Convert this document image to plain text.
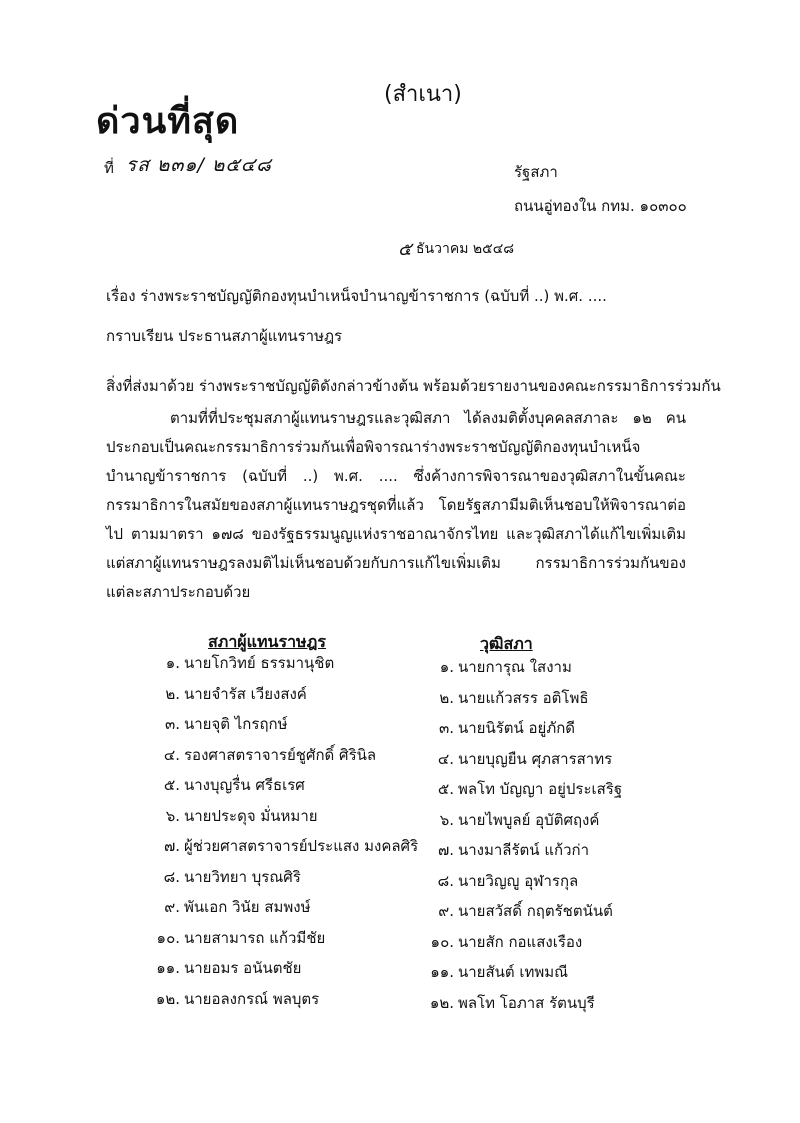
ด่วนที่สุด
(สำเนา)
ที่ รส ๒๓๑/ ๒๕๔๘	รัฐสภา
ถนนอู่ทองใน กทม. ๑๐๓๐๐
๕ ธันวาคม ๒๕๔๘
เรื่อง ร่างพระราชบัญญัติกองทุนบำเหน็จบำนาญข้าราชการ (ฉบับที่ ..) พ.ศ. ....
กราบเรียน ประธานสภาผู้แทนราษฎร
สิ่งที่ส่งมาด้วย ร่างพระราชบัญญัติดังกล่าวข้างต้น พร้อมด้วยรายงานของคณะกรรมาธิการร่วมกัน

ตามที่ที่ประชุมสภาผู้แทนราษฎรและวุฒิสภา ได้ลงมติตั้งบุคคลสภาละ ๑๒ คน ประกอบเป็นคณะกรรมาธิการร่วมกันเพื่อพิจารณาร่างพระราชบัญญัติกองทุนบำเหน็จบำนาญข้าราชการ (ฉบับที่ ..) พ.ศ. .... ซึ่งค้างการพิจารณาของวุฒิสภาในขั้นคณะกรรมาธิการในสมัยของสภาผู้แทนราษฎรชุดที่แล้ว โดยรัฐสภามีมติเห็นชอบให้พิจารณาต่อไป ตามมาตรา ๑๗๘ ของรัฐธรรมนูญแห่งราชอาณาจักรไทย และวุฒิสภาได้แก้ไขเพิ่มเติม แต่สภาผู้แทนราษฎรลงมติไม่เห็นชอบด้วยกับการแก้ไขเพิ่มเติม กรรมาธิการร่วมกันของแต่ละสภาประกอบด้วย

สภาผู้แทนราษฎร	วุฒิสภา
๑. นายโกวิทย์ ธรรมานุชิต
๒. นายจำรัส เวียงสงค์
๓. นายจุติ ไกรฤกษ์
๔. รองศาสตราจารย์ชูศักดิ์ ศิรินิล
๕. นางบุญรื่น ศรีธเรศ
๖. นายประดุจ มั่นหมาย
๗. ผู้ช่วยศาสตราจารย์ประแสง มงคลศิริ
๘. นายวิทยา บุรณศิริ
๙. พันเอก วินัย สมพงษ์
๑๐. นายสามารถ แก้วมีชัย
๑๑. นายอมร อนันตชัย
๑๒. นายอลงกรณ์ พลบุตร
๑. นายการุณ ใสงาม
๒. นายแก้วสรร อติโพธิ
๓. นายนิรัตน์ อยู่ภักดี
๔. นายบุญยืน ศุภสารสาทร
๕. พลโท บัญญา อยู่ประเสริฐ
๖. นายไพบูลย์ อุบัติศฤงค์
๗. นางมาลีรัตน์ แก้วก่า
๘. นายวิญญู อุฬารกุล
๙. นายสวัสดิ์ กฤตรัชตนันต์
๑๐. นายสัก กอแสงเรือง
๑๑. นายสันต์ เทพมณี
๑๒. พลโท โอภาส รัตนบุรี
